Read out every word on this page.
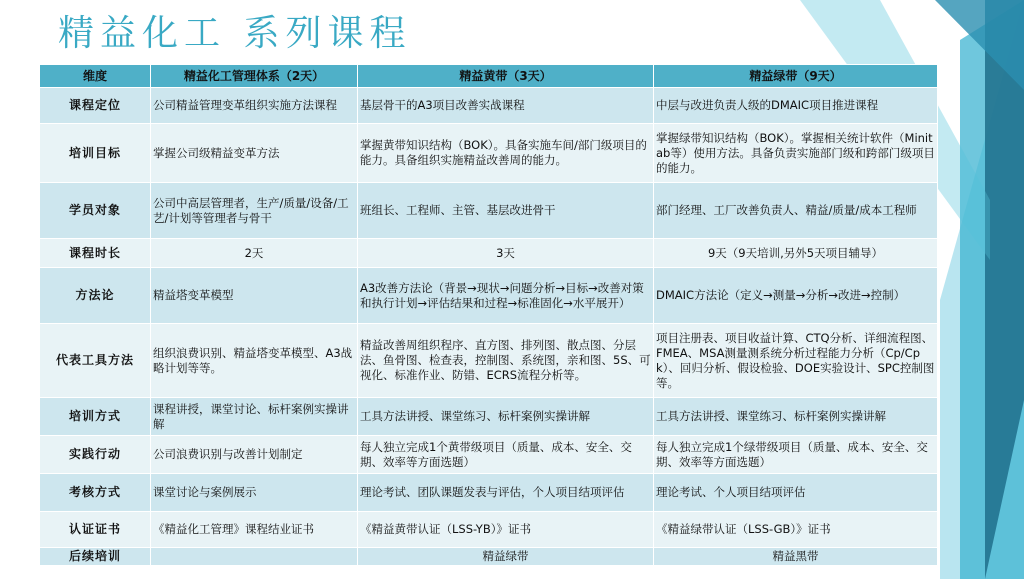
精益化工 系列课程
维度	精益化工管理体系（2天）	精益黄带（3天）	精益绿带（9天）
课程定位	公司精益管理变革组织实施方法课程	基层骨干的A3项目改善实战课程	中层与改进负责人级的DMAIC项目推进课程
培训目标	掌握公司级精益变革方法	掌握黄带知识结构（BOK）。具备实施车间/部门级项目的能力。具备组织实施精益改善周的能力。	掌握绿带知识结构（BOK）。掌握相关统计软件（Minitab等）使用方法。具备负责实施部门级和跨部门级项目的能力。
学员对象	公司中高层管理者，生产/质量/设备/工艺/计划等管理者与骨干	班组长、工程师、主管、基层改进骨干	部门经理、工厂改善负责人、精益/质量/成本工程师
课程时长	2天	3天	9天（9天培训,另外5天项目辅导）
方法论	精益塔变革模型	A3改善方法论（背景→现状→问题分析→目标→改善对策和执行计划→评估结果和过程→标准固化→水平展开）	DMAIC方法论（定义→测量→分析→改进→控制）
代表工具方法	组织浪费识别、精益塔变革模型、A3战略计划等等。	精益改善周组织程序、直方图、排列图、散点图、分层法、鱼骨图、检查表，控制图、系统图，亲和图、5S、可视化、标准作业、防错、ECRS流程分析等。	项目注册表、项目收益计算、CTQ分析、详细流程图、FMEA、MSA测量测系统分析过程能力分析（Cp/Cpk）、回归分析、假设检验、DOE实验设计、SPC控制图等。
培训方式	课程讲授，课堂讨论、标杆案例实操讲解	工具方法讲授、课堂练习、标杆案例实操讲解	工具方法讲授、课堂练习、标杆案例实操讲解
实践行动	公司浪费识别与改善计划制定	每人独立完成1个黄带级项目（质量、成本、安全、交期、效率等方面选题）	每人独立完成1个绿带级项目（质量、成本、安全、交期、效率等方面选题）
考核方式	课堂讨论与案例展示	理论考试、团队课题发表与评估，个人项目结项评估	理论考试、个人项目结项评估
认证证书	《精益化工管理》课程结业证书	《精益黄带认证（LSS-YB）》证书	《精益绿带认证（LSS-GB）》证书
后续培训		精益绿带	精益黑带
